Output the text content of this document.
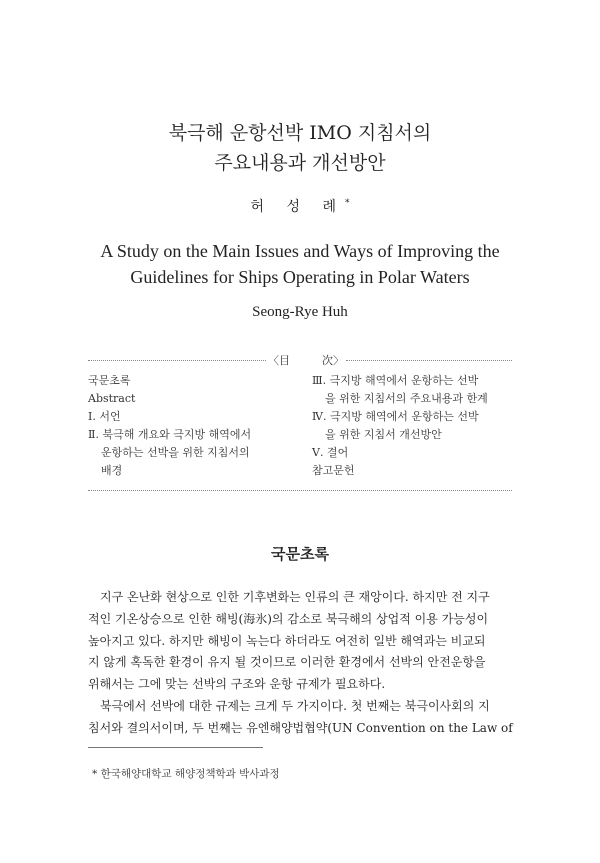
북극해 운항선박 IMO 지침서의
주요내용과 개선방안
허 성 례*
A Study on the Main Issues and Ways of Improving the
Guidelines for Ships Operating in Polar Waters
Seong-Rye Huh
〈目	次〉
국문초록
Abstract
Ⅰ. 서언
Ⅱ. 북극해 개요와 극지방 해역에서
운항하는 선박을 위한 지침서의
배경
Ⅲ. 극지방 해역에서 운항하는 선박
을 위한 지침서의 주요내용과 한계
Ⅳ. 극지방 해역에서 운항하는 선박
을 위한 지침서 개선방안
Ⅴ. 결어
참고문헌
국문초록
지구 온난화 현상으로 인한 기후변화는 인류의 큰 재앙이다. 하지만 전 지구
적인 기온상승으로 인한 해빙(海氷)의 감소로 북극해의 상업적 이용 가능성이
높아지고 있다. 하지만 해빙이 녹는다 하더라도 여전히 일반 해역과는 비교되
지 않게 혹독한 환경이 유지 될 것이므로 이러한 환경에서 선박의 안전운항을
위해서는 그에 맞는 선박의 구조와 운항 규제가 필요하다.
북극에서 선박에 대한 규제는 크게 두 가지이다. 첫 번째는 북극이사회의 지
침서와 결의서이며, 두 번째는 유엔해양법협약(UN Convention on the Law of
* 한국해양대학교 해양정책학과 박사과정
